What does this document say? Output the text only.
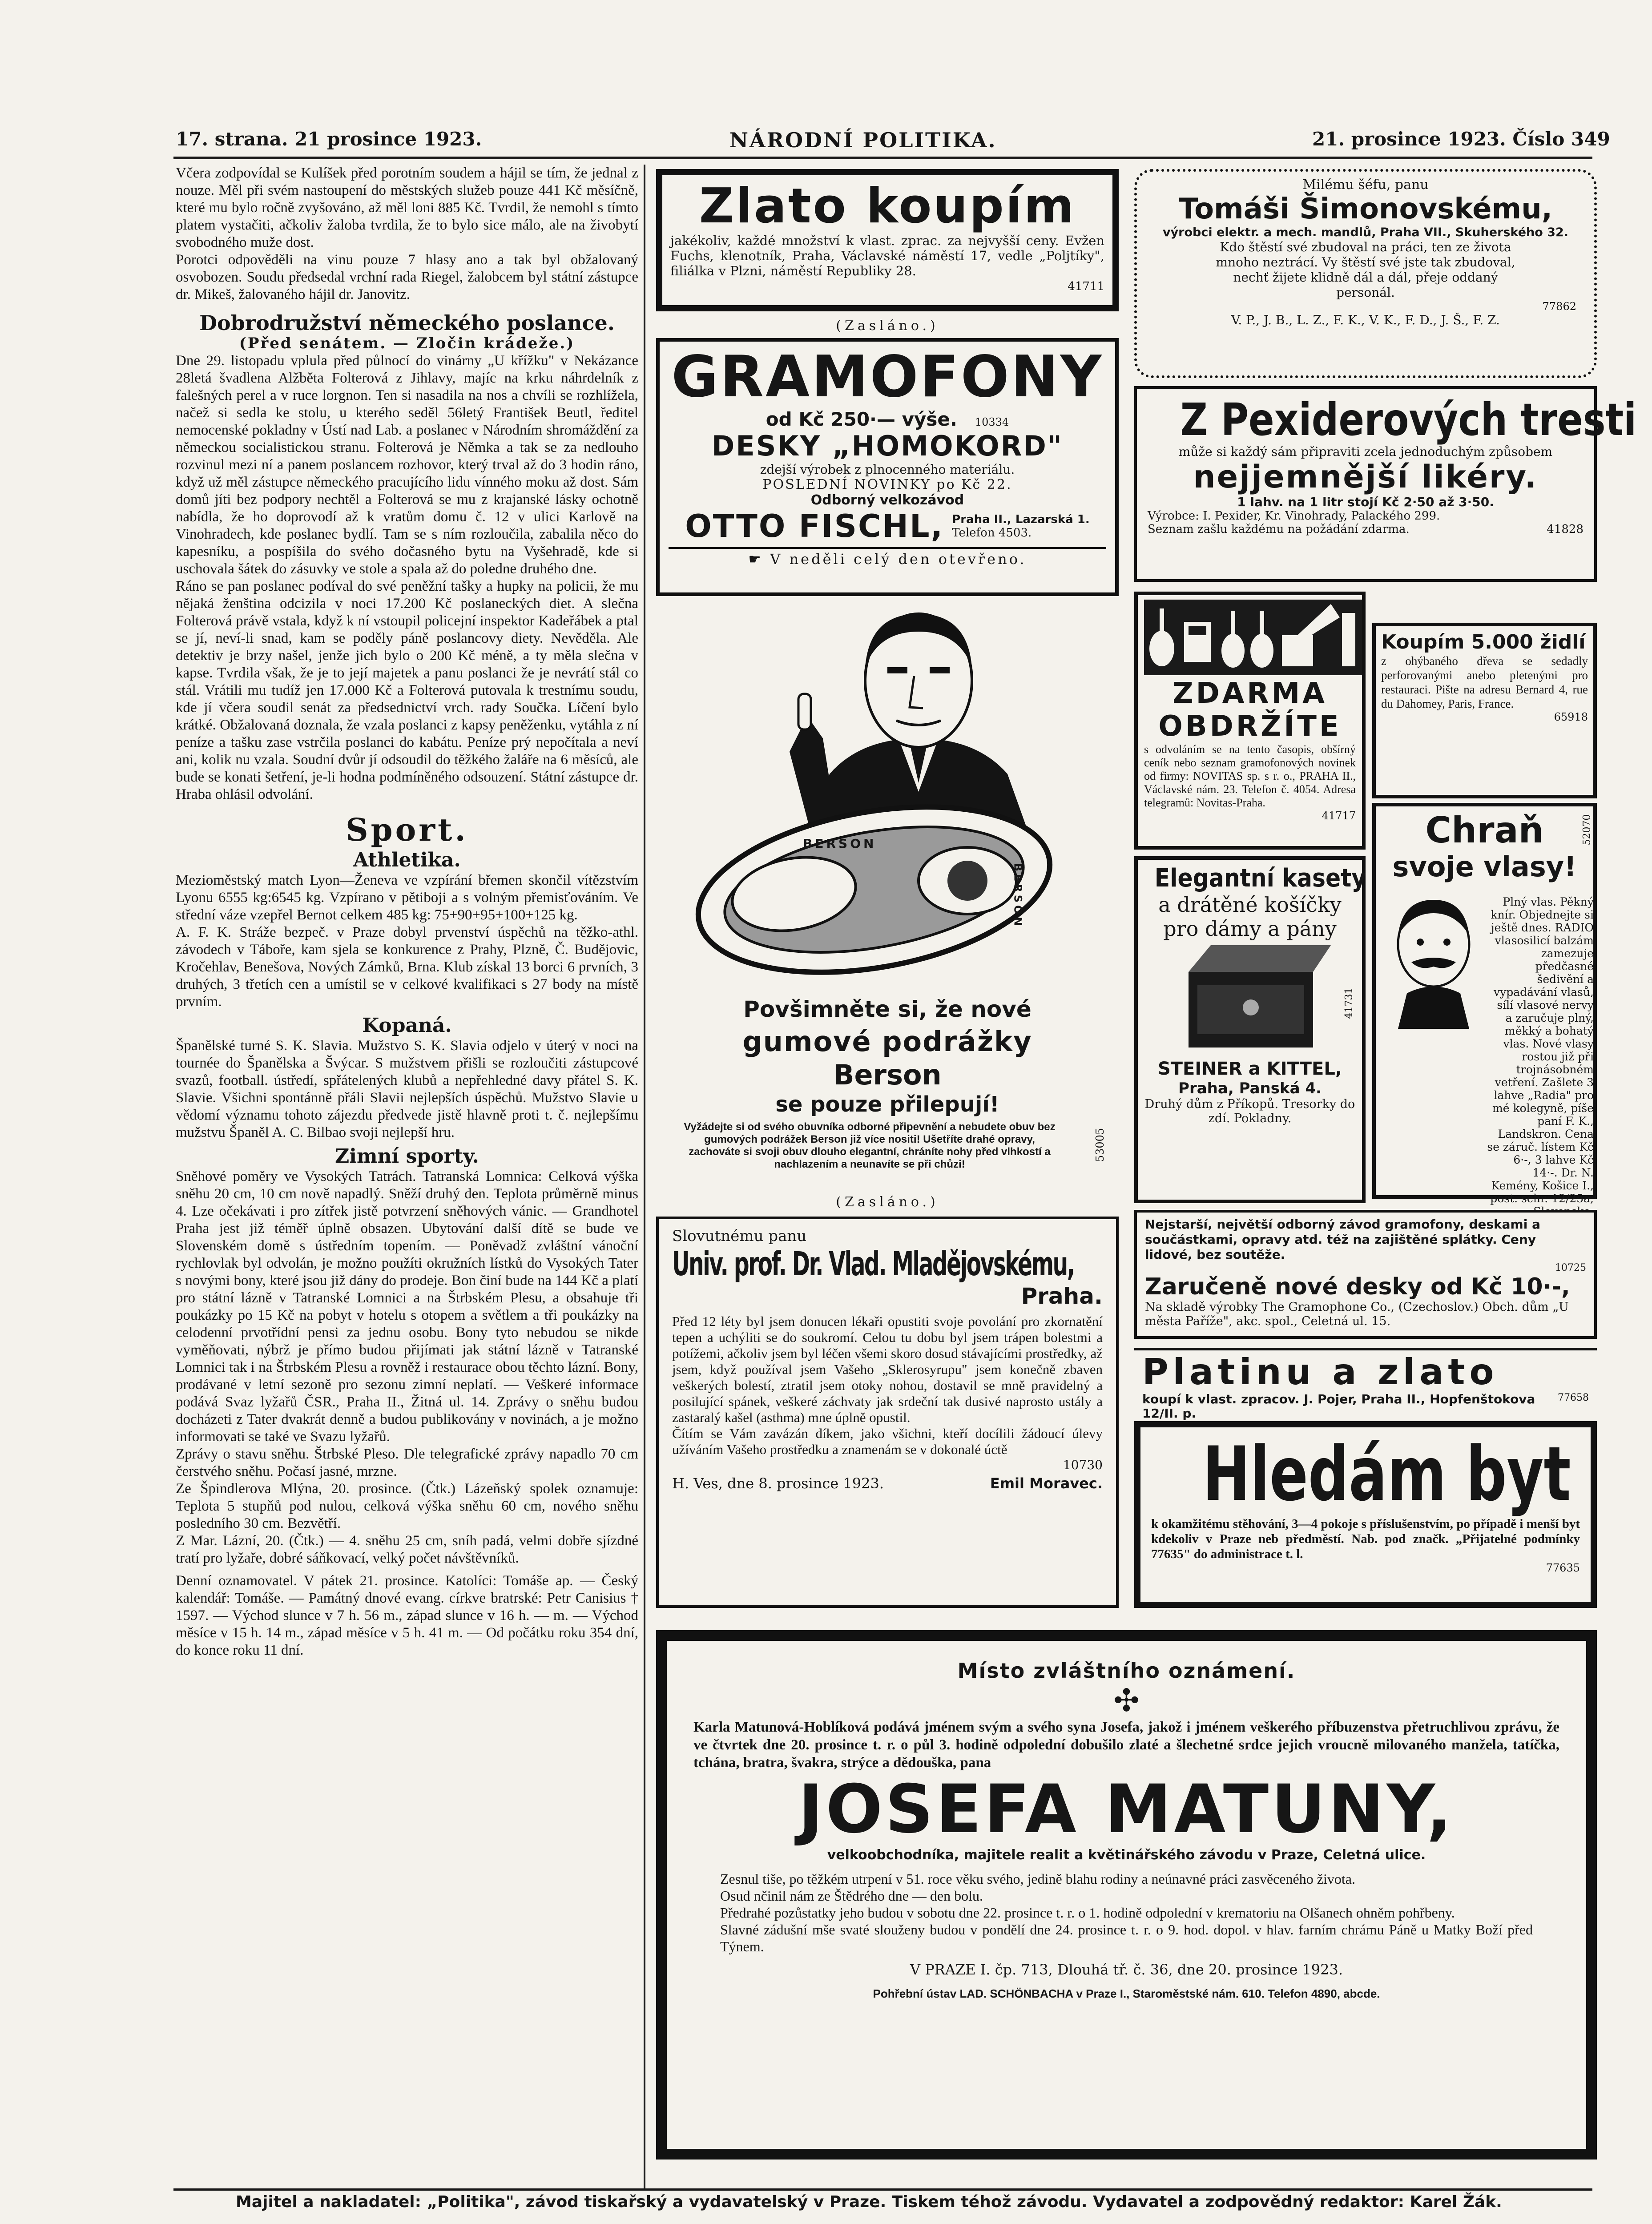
17. strana. 21 prosince 1923.	NÁRODNÍ POLITIKA.	21. prosince 1923. Číslo 349
Včera zodpovídal se Kulíšek před porotním soudem a hájil se tím, že jednal z nouze. Měl při svém nastoupení do městských služeb pouze 441 Kč měsíčně, které mu bylo ročně zvyšováno, až měl loni 885 Kč. Tvrdil, že nemohl s tímto platem vystačiti, ačkoliv žaloba tvrdila, že to bylo sice málo, ale na živobytí svobodného muže dost.
Porotci odpověděli na vinu pouze 7 hlasy ano a tak byl obžalovaný osvobozen. Soudu předsedal vrchní rada Riegel, žalobcem byl státní zástupce dr. Mikeš, žalovaného hájil dr. Janovitz.
Dobrodružství německého poslance.
(Před senátem. — Zločin krádeže.)
Dne 29. listopadu vplula před půlnocí do vinárny „U křížku" v Nekázance 28letá švadlena Alžběta Folterová z Jihlavy, majíc na krku náhrdelník z falešných perel a v ruce lorgnon. Ten si nasadila na nos a chvíli se rozhlížela, načež si sedla ke stolu, u kterého seděl 56letý František Beutl, ředitel nemocenské pokladny v Ústí nad Lab. a poslanec v Národním shromáždění za německou socialistickou stranu. Folterová je Němka a tak se za nedlouho rozvinul mezi ní a panem poslancem rozhovor, který trval až do 3 hodin ráno, když už měl zástupce německého pracujícího lidu vínného moku až dost. Sám domů jíti bez podpory nechtěl a Folterová se mu z krajanské lásky ochotně nabídla, že ho doprovodí až k vratům domu č. 12 v ulici Karlově na Vinohradech, kde poslanec bydlí. Tam se s ním rozloučila, zabalila něco do kapesníku, a pospíšila do svého dočasného bytu na Vyšehradě, kde si uschovala šátek do zásuvky ve stole a spala až do poledne druhého dne.
Ráno se pan poslanec podíval do své peněžní tašky a hupky na policii, že mu nějaká ženština odcizila v noci 17.200 Kč poslaneckých diet. A slečna Folterová právě vstala, když k ní vstoupil policejní inspektor Kadeřábek a ptal se jí, neví-li snad, kam se poděly páně poslancovy diety. Nevěděla. Ale detektiv je brzy našel, jenže jich bylo o 200 Kč méně, a ty měla slečna v kapse. Tvrdila však, že je to její majetek a panu poslanci že je nevrátí stál co stál. Vrátili mu tudíž jen 17.000 Kč a Folterová putovala k trestnímu soudu, kde jí včera soudil senát za předsednictví vrch. rady Součka. Líčení bylo krátké. Obžalovaná doznala, že vzala poslanci z kapsy peněženku, vytáhla z ní peníze a tašku zase vstrčila poslanci do kabátu. Peníze prý nepočítala a neví ani, kolik nu vzala. Soudní dvůr jí odsoudil do těžkého žaláře na 6 měsíců, ale bude se konati šetření, je-li hodna podmíněného odsouzení. Státní zástupce dr. Hraba ohlásil odvolání.
Sport.
Athletika.
Mezioměstský match Lyon—Ženeva ve vzpírání břemen skončil vítězstvím Lyonu 6555 kg:6545 kg. Vzpírano v pětiboji a s volným přemisťováním. Ve střední váze vzepřel Bernot celkem 485 kg: 75+90+95+100+125 kg.
A. F. K. Stráže bezpeč. v Praze dobyl prvenství úspěchů na těžko-athl. závodech v Táboře, kam sjela se konkurence z Prahy, Plzně, Č. Budějovic, Kročehlav, Benešova, Nových Zámků, Brna. Klub získal 13 borci 6 prvních, 3 druhých, 3 třetích cen a umístil se v celkové kvalifikaci s 27 body na místě prvním.
Kopaná.
Španělské turné S. K. Slavia. Mužstvo S. K. Slavia odjelo v úterý v noci na tournée do Španělska a Švýcar. S mužstvem přišli se rozloučiti zástupcové svazů, football. ústředí, spřátelených klubů a nepřehledné davy přátel S. K. Slavie. Všichni spontánně přáli Slavii nejlepších úspěchů. Mužstvo Slavie u vědomí významu tohoto zájezdu předvede jistě hlavně proti t. č. nejlepšímu mužstvu Španěl A. C. Bilbao svoji nejlepší hru.
Zimní sporty.
Sněhové poměry ve Vysokých Tatrách. Tatranská Lomnica: Celková výška sněhu 20 cm, 10 cm nově napadlý. Sněží druhý den. Teplota průměrně minus 4. Lze očekávati i pro zítřek jistě potvrzení sněhových vánic. — Grandhotel Praha jest již téměř úplně obsazen. Ubytování další dítě se bude ve Slovenském domě s ústředním topením. — Poněvadž zvláštní vánoční rychlovlak byl odvolán, je možno použíti okružních lístků do Vysokých Tater s novými bony, které jsou již dány do prodeje. Bon činí bude na 144 Kč a platí pro státní lázně v Tatranské Lomnici a na Štrbském Plesu, a obsahuje tři poukázky po 15 Kč na pobyt v hotelu s otopem a světlem a tři poukázky na celodenní prvotřídní pensi za jednu osobu. Bony tyto nebudou se nikde vyměňovati, nýbrž je přímo budou přijímati jak státní lázně v Tatranské Lomnici tak i na Štrbském Plesu a rovněž i restaurace obou těchto lázní. Bony, prodávané v letní sezoně pro sezonu zimní neplatí. — Veškeré informace podává Svaz lyžařů ČSR., Praha II., Žitná ul. 14. Zprávy o sněhu budou docházeti z Tater dvakrát denně a budou publikovány v novinách, a je možno informovati se také ve Svazu lyžařů.
Zprávy o stavu sněhu. Štrbské Pleso. Dle telegrafické zprávy napadlo 70 cm čerstvého sněhu. Počasí jasné, mrzne.
Ze Špindlerova Mlýna, 20. prosince. (Čtk.) Lázeňský spolek oznamuje: Teplota 5 stupňů pod nulou, celková výška sněhu 60 cm, nového sněhu posledního 30 cm. Bezvětří.
Z Mar. Lázní, 20. (Čtk.) — 4. sněhu 25 cm, sníh padá, velmi dobře sjízdné tratí pro lyžaře, dobré sáňkovací, velký počet návštěvníků.
Denní oznamovatel. V pátek 21. prosince. Katolíci: Tomáše ap. — Český kalendář: Tomáše. — Památný dnové evang. církve bratrské: Petr Canisius † 1597. — Východ slunce v 7 h. 56 m., západ slunce v 16 h. — m. — Východ měsíce v 15 h. 14 m., západ měsíce v 5 h. 41 m. — Od počátku roku 354 dní, do konce roku 11 dní.
Zlato koupím
jakékoliv, každé množství k vlast. zprac. za nejvyšší ceny. Evžen Fuchs, klenotník, Praha, Václavské náměstí 17, vedle „Poljtíky", filiálka v Plzni, náměstí Republiky 28.
41711
(Zasláno.)
GRAMOFONY
od Kč 250·— výše. 10334
DESKY „HOMOKORD"
zdejší výrobek z plnocenného materiálu.
POSLEDNÍ NOVINKY po Kč 22.
Odborný velkozávod
OTTO FISCHL, Praha II., Lazarská 1.
Telefon 4503.
☛ V neděli celý den otevřeno.
BERSON
BERSON
Povšimněte si, že nové
gumové podrážky
Berson
se pouze přilepují!
Vyžádejte si od svého obuvníka odborné připevnění a nebudete obuv bez gumových podrážek Berson již více nositi! Ušetříte drahé opravy, zachováte si svoji obuv dlouho elegantní, chráníte nohy před vlhkostí a nachlazením a neunavíte se při chůzi!
53005
(Zasláno.)
Slovutnému panu
Univ. prof. Dr. Vlad. Mladějovskému,
Praha.
Před 12 léty byl jsem donucen lékaři opustiti svoje povolání pro zkornatění tepen a uchýliti se do soukromí. Celou tu dobu byl jsem trápen bolestmi a potížemi, ačkoliv jsem byl léčen všemi skoro dosud stávajícími prostředky, až jsem, když používal jsem Vašeho „Sklerosyrupu" jsem konečně zbaven veškerých bolestí, ztratil jsem otoky nohou, dostavil se mně pravidelný a posilující spánek, veškeré záchvaty jak srdeční tak dusivé naprosto ustály a zastaralý kašel (asthma) mne úplně opustil.
Čítím se Vám zavázán díkem, jako všichni, kteří docílili žádoucí úlevy užíváním Vašeho prostředku a znamenám se v dokonalé úctě
10730
H. Ves, dne 8. prosince 1923.	Emil Moravec.
Milému šéfu, panu
Tomáši Šimonovskému,
výrobci elektr. a mech. mandlů, Praha VII., Skuherského 32.
Kdo štěstí své zbudoval na práci, ten ze života mnoho neztrácí. Vy štěstí své jste tak zbudoval, nechť žijete klidně dál a dál, přeje oddaný personál.
77862
V. P., J. B., L. Z., F. K., V. K., F. D., J. Š., F. Z.
Z Pexiderových tresti
může si každý sám připraviti zcela jednoduchým způsobem
nejjemnější likéry.
1 lahv. na 1 litr stojí Kč 2·50 až 3·50.
Výrobce: I. Pexider, Kr. Vinohrady, Palackého 299.
Seznam zašlu každému na požádání zdarma.	41828
ZDARMA
OBDRŽÍTE
s odvoláním se na tento časopis, obšírný ceník nebo seznam gramofonových novinek od firmy: NOVITAS sp. s r. o., PRAHA II., Václavské nám. 23. Telefon č. 4054. Adresa telegramů: Novitas-Praha.
41717
Koupím 5.000 židlí
z ohýbaného dřeva se sedadly perforovanými anebo pletenými pro restauraci. Pište na adresu Bernard 4, rue du Dahomey, Paris, France.
65918
Chraň
svoje vlasy!
52070
Plný vlas. Pěkný knír. Objednejte si ještě dnes. RADIO vlasosilicí balzám zamezuje předčasné šedivění a vypadávání vlasů, sílí vlasové nervy a zaručuje plný, měkký a bohatý vlas. Nové vlasy rostou již při trojnásobném vetření. Zašlete 3 lahve „Radia" pro mé kolegyně, píše paní F. K., Landskron. Cena se záruč. lístem Kč 6·-, 3 lahve Kč 14·-. Dr. N. Kemény, Košice I., post. schr. 12/25a,
Elegantní kasety
a drátěné košíčky
pro dámy a pány
41731
STEINER a KITTEL,
Praha, Panská 4.
Druhý dům z Příkopů. Tresorky do zdí. Pokladny.
Nejstarší, největší odborný závod gramofony, deskami a součástkami, opravy atd. též na zajištěné splátky. Ceny lidové, bez soutěže.
10725
Zaručeně nové desky od Kč 10·-,
Na skladě výrobky The Gramophone Co., (Czechoslov.) Obch. dům „U města Paříže", akc. spol., Celetná ul. 15.
Platinu a zlato
koupí k vlast. zpracov. J. Pojer, Praha II., Hopfenštokova 12/II. p.
77658
Hledám byt
k okamžitému stěhování, 3—4 pokoje s příslušenstvím, po případě i menší byt kdekoliv v Praze neb předměstí. Nab. pod značk. „Přijatelné podmínky 77635" do administrace t. l.
77635
Místo zvláštního oznámení.
✣
Karla Matunová-Hoblíková podává jménem svým a svého syna Josefa, jakož i jménem veškerého příbuzenstva přetruchlivou zprávu, že ve čtvrtek dne 20. prosince t. r. o půl 3. hodině odpolední dobušilo zlaté a šlechetné srdce jejich vroucně milovaného manžela, tatíčka, tchána, bratra, švakra, strýce a dědouška, pana
JOSEFA MATUNY,
velkoobchodníka, majitele realit a květinářského závodu v Praze, Celetná ulice.
Zesnul tiše, po těžkém utrpení v 51. roce věku svého, jedině blahu rodiny a neúnavné práci zasvěceného života.
Osud nčinil nám ze Štědrého dne — den bolu.
Předrahé pozůstatky jeho budou v sobotu dne 22. prosince t. r. o 1. hodině odpolední v krematoriu na Olšanech ohněm pohřbeny.
Slavné zádušní mše svaté slouženy budou v pondělí dne 24. prosince t. r. o 9. hod. dopol. v hlav. farním chrámu Páně u Matky Boží před Týnem.
V PRAZE I. čp. 713, Dlouhá tř. č. 36, dne 20. prosince 1923.
Pohřební ústav LAD. SCHÖNBACHA v Praze I., Staroměstské nám. 610. Telefon 4890, abcde.
Majitel a nakladatel: „Politika", závod tiskařský a vydavatelský v Praze. Tiskem téhož závodu. Vydavatel a zodpovědný redaktor: Karel Žák.
